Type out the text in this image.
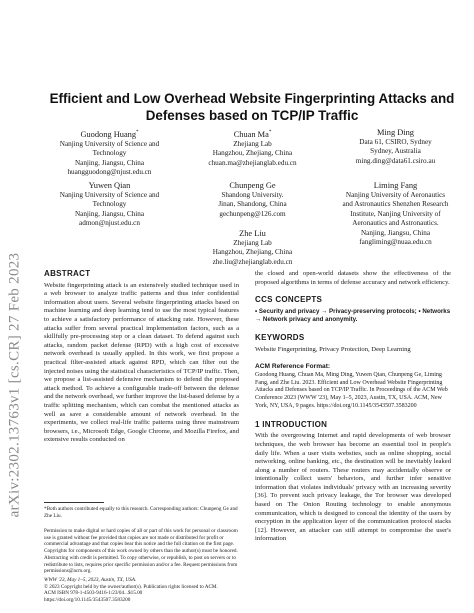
arXiv:2302.13763v1 [cs.CR] 27 Feb 2023
Efficient and Low Overhead Website Fingerprinting Attacks and
Defenses based on TCP/IP Traffic
Guodong Huang*
Nanjing University of Science and
Technology
Nanjing, Jiangsu, China
huangguodong@njust.edu.cn
Chuan Ma*
Zhejiang Lab
Hangzhou, Zhejiang, China
chuan.ma@zhejianglab.edu.cn
Ming Ding
Data 61, CSIRO, Sydney
Sydney, Australia
ming.ding@data61.csiro.au
Yuwen Qian
Nanjing University of Science and
Technology
Nanjing, Jiangsu, China
admon@njust.edu.cn
Chunpeng Ge
Shandong University.
Jinan, Shandong, China
gechunpeng@126.com
Liming Fang
Nanjing University of Aeronautics
and Astronautics Shenzhen Research
Institute, Nanjing University of
Aeronautics and Astronautics.
Nanjing, Jiangsu, China
fangliming@nuaa.edu.cn
Zhe Liu
Zhejiang Lab
Hangzhou, Zhejiang, China
zhe.liu@zhejianglab.edu.cn
ABSTRACT

Website fingerprinting attack is an extensively studied technique used in a web browser to analyze traffic patterns and thus infer confidential information about users. Several website fingerprinting attacks based on machine learning and deep learning tend to use the most typical features to achieve a satisfactory performance of attacking rate. However, these attacks suffer from several practical implementation factors, such as a skillfully pre-processing step or a clean dataset. To defend against such attacks, random packet defense (RPD) with a high cost of excessive network overhead is usually applied. In this work, we first propose a practical filter-assisted attack against RPD, which can filter out the injected noises using the statistical characteristics of TCP/IP traffic. Then, we propose a list-assisted defensive mechanism to defend the proposed attack method. To achieve a configurable trade-off between the defense and the network overhead, we further improve the list-based defense by a traffic splitting mechanism, which can combat the mentioned attacks as well as save a considerable amount of network overhead. In the experiments, we collect real-life traffic patterns using three mainstream browsers, i.e., Microsoft Edge, Google Chrome, and Mozilla Firefox, and extensive results conducted on

*Both authors contributed equally to this research. Corresponding authors: Chunpeng Ge and Zhe Liu.
Permission to make digital or hard copies of all or part of this work for personal or classroom use is granted without fee provided that copies are not made or distributed for profit or commercial advantage and that copies bear this notice and the full citation on the first page. Copyrights for components of this work owned by others than the author(s) must be honored. Abstracting with credit is permitted. To copy otherwise, or republish, to post on servers or to redistribute to lists, requires prior specific permission and/or a fee. Request permissions from permissions@acm.org.
WWW '23, May 1–5, 2023, Austin, TX, USA.
© 2023 Copyright held by the owner/author(s). Publication rights licensed to ACM.
ACM ISBN 978-1-4503-9416-1/23/04...$15.00
https://doi.org/10.1145/3543507.3583200

the closed and open-world datasets show the effectiveness of the proposed algorithms in terms of defense accuracy and network efficiency.

CCS CONCEPTS

• Security and privacy → Privacy-preserving protocols; • Networks → Network privacy and anonymity.

KEYWORDS

Website Fingerprinting, Privacy Protection, Deep Learning

ACM Reference Format:

Guodong Huang, Chuan Ma, Ming Ding, Yuwen Qian, Chunpeng Ge, Liming Fang, and Zhe Liu. 2023. Efficient and Low Overhead Website Fingerprinting Attacks and Defenses based on TCP/IP Traffic. In Proceedings of the ACM Web Conference 2023 (WWW '23), May 1–5, 2023, Austin, TX, USA. ACM, New York, NY, USA, 9 pages. https://doi.org/10.1145/3543507.3583200

1 INTRODUCTION

With the overgrowing Internet and rapid developments of web browser techniques, the web browser has become an essential tool in people's daily life. When a user visits websites, such as online shopping, social networking, online banking, etc., the destination will be inevitably leaked along a number of routers. These routers may accidentally observe or intentionally collect users' behaviors, and further infer sensitive information that violates individuals' privacy with an increasing severity [36]. To prevent such privacy leakage, the Tor browser was developed based on The Onion Routing technology to enable anonymous communication, which is designed to conceal the identity of the users by encryption in the application layer of the communication protocol stacks [12]. However, an attacker can still attempt to compromise the user's information
